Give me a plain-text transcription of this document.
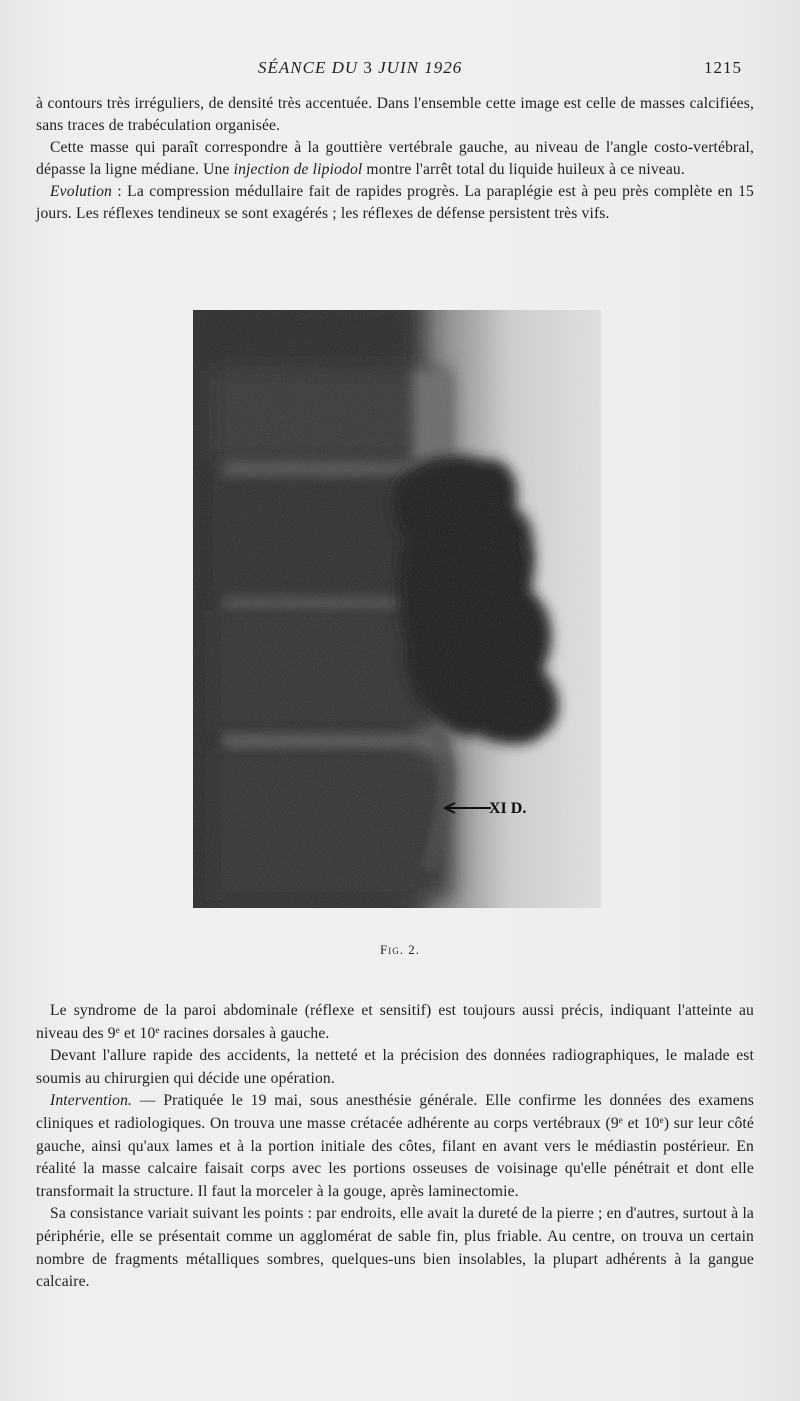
SÉANCE DU 3 JUIN 1926	1215

à contours très irréguliers, de densité très accentuée. Dans l'ensemble cette image est celle de masses calcifiées, sans traces de trabéculation organisée.

Cette masse qui paraît correspondre à la gouttière vertébrale gauche, au niveau de l'angle costo-vertébral, dépasse la ligne médiane. Une injection de lipiodol montre l'arrêt total du liquide huileux à ce niveau.

Evolution : La compression médullaire fait de rapides progrès. La paraplégie est à peu près complète en 15 jours. Les réflexes tendineux se sont exagérés ; les réflexes de défense persistent très vifs.

XI D.
Fig. 2.

Le syndrome de la paroi abdominale (réflexe et sensitif) est toujours aussi précis, indiquant l'atteinte au niveau des 9e et 10e racines dorsales à gauche.

Devant l'allure rapide des accidents, la netteté et la précision des données radiographiques, le malade est soumis au chirurgien qui décide une opération.

Intervention. — Pratiquée le 19 mai, sous anesthésie générale. Elle confirme les données des examens cliniques et radiologiques. On trouva une masse crétacée adhérente au corps vertébraux (9e et 10e) sur leur côté gauche, ainsi qu'aux lames et à la portion initiale des côtes, filant en avant vers le médiastin postérieur. En réalité la masse calcaire faisait corps avec les portions osseuses de voisinage qu'elle pénétrait et dont elle transformait la structure. Il faut la morceler à la gouge, après laminectomie.

Sa consistance variait suivant les points : par endroits, elle avait la dureté de la pierre ; en d'autres, surtout à la périphérie, elle se présentait comme un agglomérat de sable fin, plus friable. Au centre, on trouva un certain nombre de fragments métalliques sombres, quelques-uns bien insolables, la plupart adhérents à la gangue calcaire.
